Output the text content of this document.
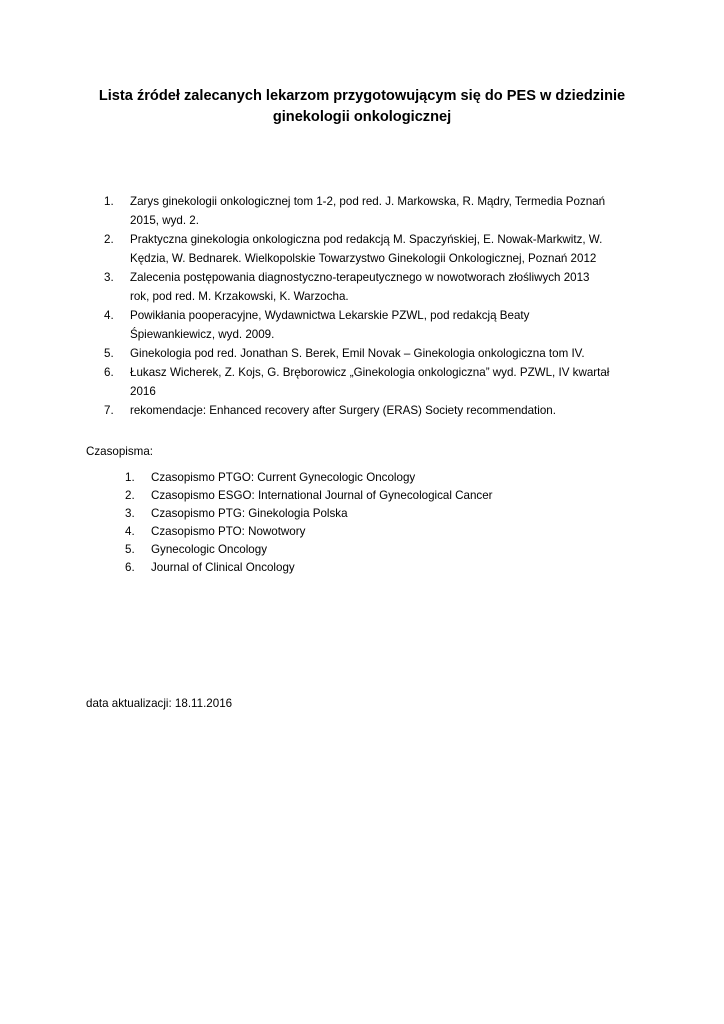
Lista źródeł zalecanych lekarzom przygotowującym się do PES w dziedzinie
ginekologii onkologicznej
1. Zarys ginekologii onkologicznej tom 1-2, pod red. J. Markowska, R. Mądry, Termedia Poznań
2015, wyd. 2.
2. Praktyczna ginekologia onkologiczna pod redakcją M. Spaczyńskiej, E. Nowak-Markwitz, W.
Kędzia, W. Bednarek. Wielkopolskie Towarzystwo Ginekologii Onkologicznej, Poznań 2012
3. Zalecenia postępowania diagnostyczno-terapeutycznego w nowotworach złośliwych 2013
rok, pod red. M. Krzakowski, K. Warzocha.
4. Powikłania pooperacyjne, Wydawnictwa Lekarskie PZWL, pod redakcją Beaty
Śpiewankiewicz, wyd. 2009.
5. Ginekologia pod red. Jonathan S. Berek, Emil Novak – Ginekologia onkologiczna tom IV.
6. Łukasz Wicherek, Z. Kojs, G. Bręborowicz „Ginekologia onkologiczna” wyd. PZWL, IV kwartał
2016
7. rekomendacje: Enhanced recovery after Surgery (ERAS) Society recommendation.
Czasopisma:
1. Czasopismo PTGO: Current Gynecologic Oncology
2. Czasopismo ESGO: International Journal of Gynecological Cancer
3. Czasopismo PTG: Ginekologia Polska
4. Czasopismo PTO: Nowotwory
5. Gynecologic Oncology
6. Journal of Clinical Oncology
data aktualizacji: 18.11.2016
